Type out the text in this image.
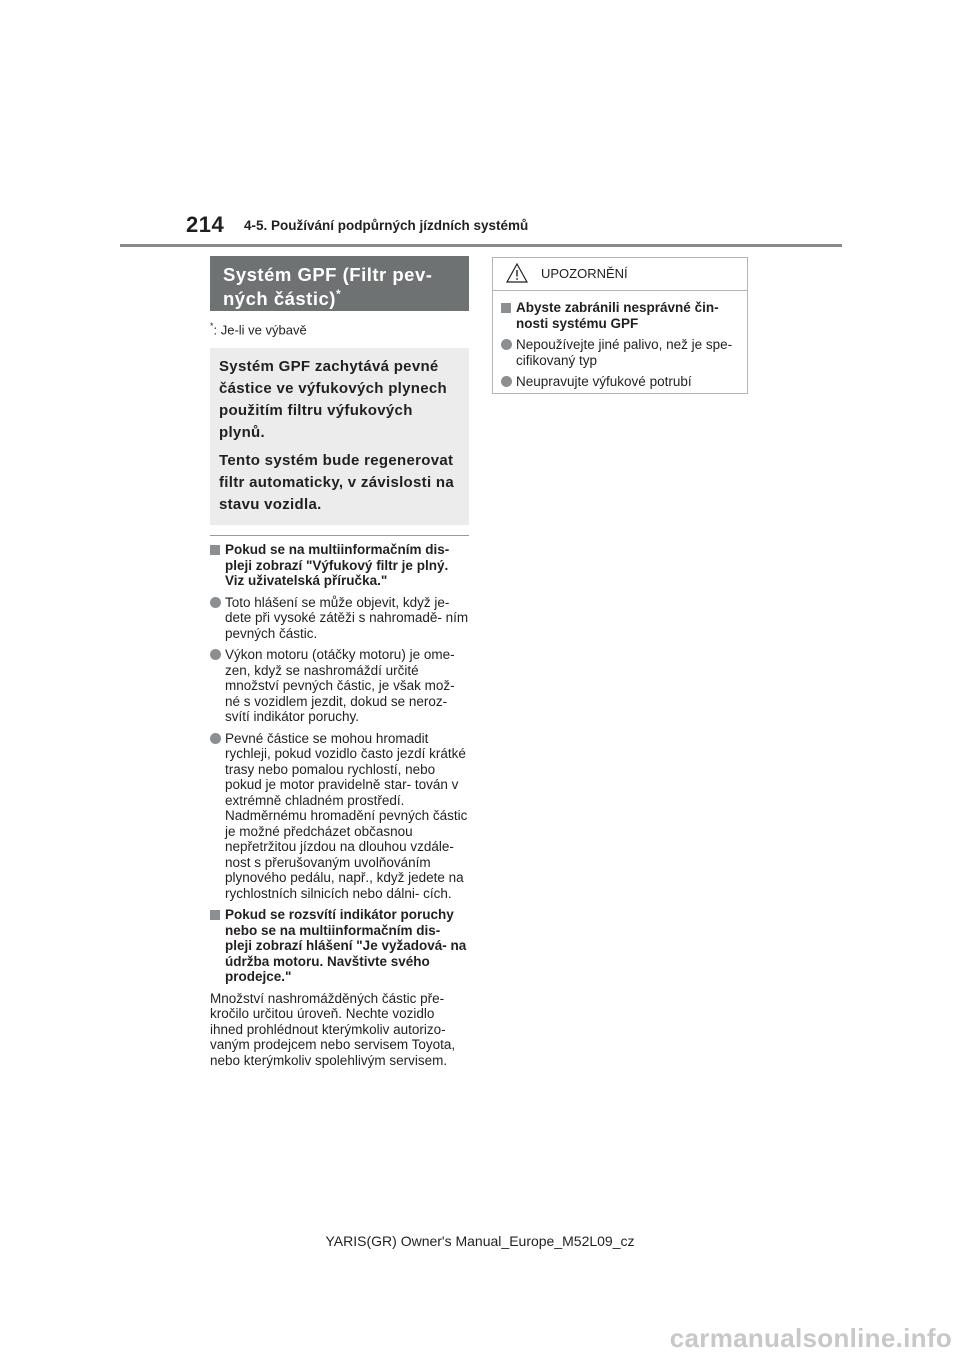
214 4-5. Používání podpůrných jízdních systémů
Systém GPF (Filtr pev- ných částic)*
*: Je-li ve výbavě

Systém GPF zachytává pevné částice ve výfukových plynech použitím filtru výfukových plynů.

Tento systém bude regenerovat filtr automaticky, v závislosti na stavu vozidla.

Pokud se na multiinformačním dis- pleji zobrazí "Výfukový filtr je plný. Viz uživatelská příručka."
Toto hlášení se může objevit, když je- dete při vysoké zátěži s nahromadě- ním pevných částic.
Výkon motoru (otáčky motoru) je ome- zen, když se nashromáždí určité množství pevných částic, je však mož- né s vozidlem jezdit, dokud se neroz- svítí indikátor poruchy.
Pevné částice se mohou hromadit rychleji, pokud vozidlo často jezdí krátké trasy nebo pomalou rychlostí, nebo pokud je motor pravidelně star- tován v extrémně chladném prostředí. Nadměrnému hromadění pevných částic je možné předcházet občasnou nepřetržitou jízdou na dlouhou vzdále- nost s přerušovaným uvolňováním plynového pedálu, např., když jedete na rychlostních silnicích nebo dálni- cích.
Pokud se rozsvítí indikátor poruchy nebo se na multiinformačním dis- pleji zobrazí hlášení "Je vyžadová- na údržba motoru. Navštivte svého prodejce."
Množství nashromážděných částic pře- kročilo určitou úroveň. Nechte vozidlo ihned prohlédnout kterýmkoliv autorizo- vaným prodejcem nebo servisem Toyota, nebo kterýmkoliv spolehlivým servisem.
UPOZORNĚNÍ
Abyste zabránili nesprávné čin- nosti systému GPF
Nepoužívejte jiné palivo, než je spe- cifikovaný typ
Neupravujte výfukové potrubí
YARIS(GR) Owner's Manual_Europe_M52L09_cz
carmanualsonline.info
